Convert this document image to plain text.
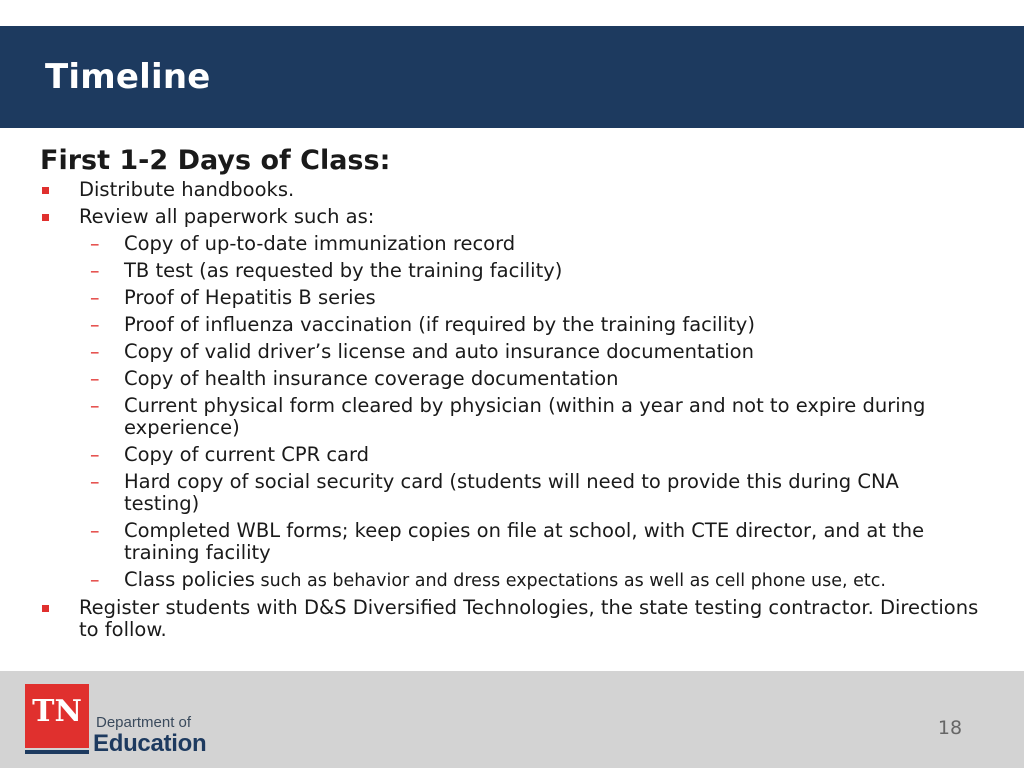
Timeline
First 1-2 Days of Class:
Distribute handbooks.
Review all paperwork such as:
– Copy of up-to-date immunization record
– TB test (as requested by the training facility)
– Proof of Hepatitis B series
– Proof of influenza vaccination (if required by the training facility)
– Copy of valid driver’s license and auto insurance documentation
– Copy of health insurance coverage documentation
– Current physical form cleared by physician (within a year and not to expire during experience)
– Copy of current CPR card
– Hard copy of social security card (students will need to provide this during CNA testing)
– Completed WBL forms; keep copies on file at school, with CTE director, and at the training facility
– Class policies such as behavior and dress expectations as well as cell phone use, etc.
Register students with D&S Diversified Technologies, the state testing contractor. Directions to follow.
TN Department of
Education
18
